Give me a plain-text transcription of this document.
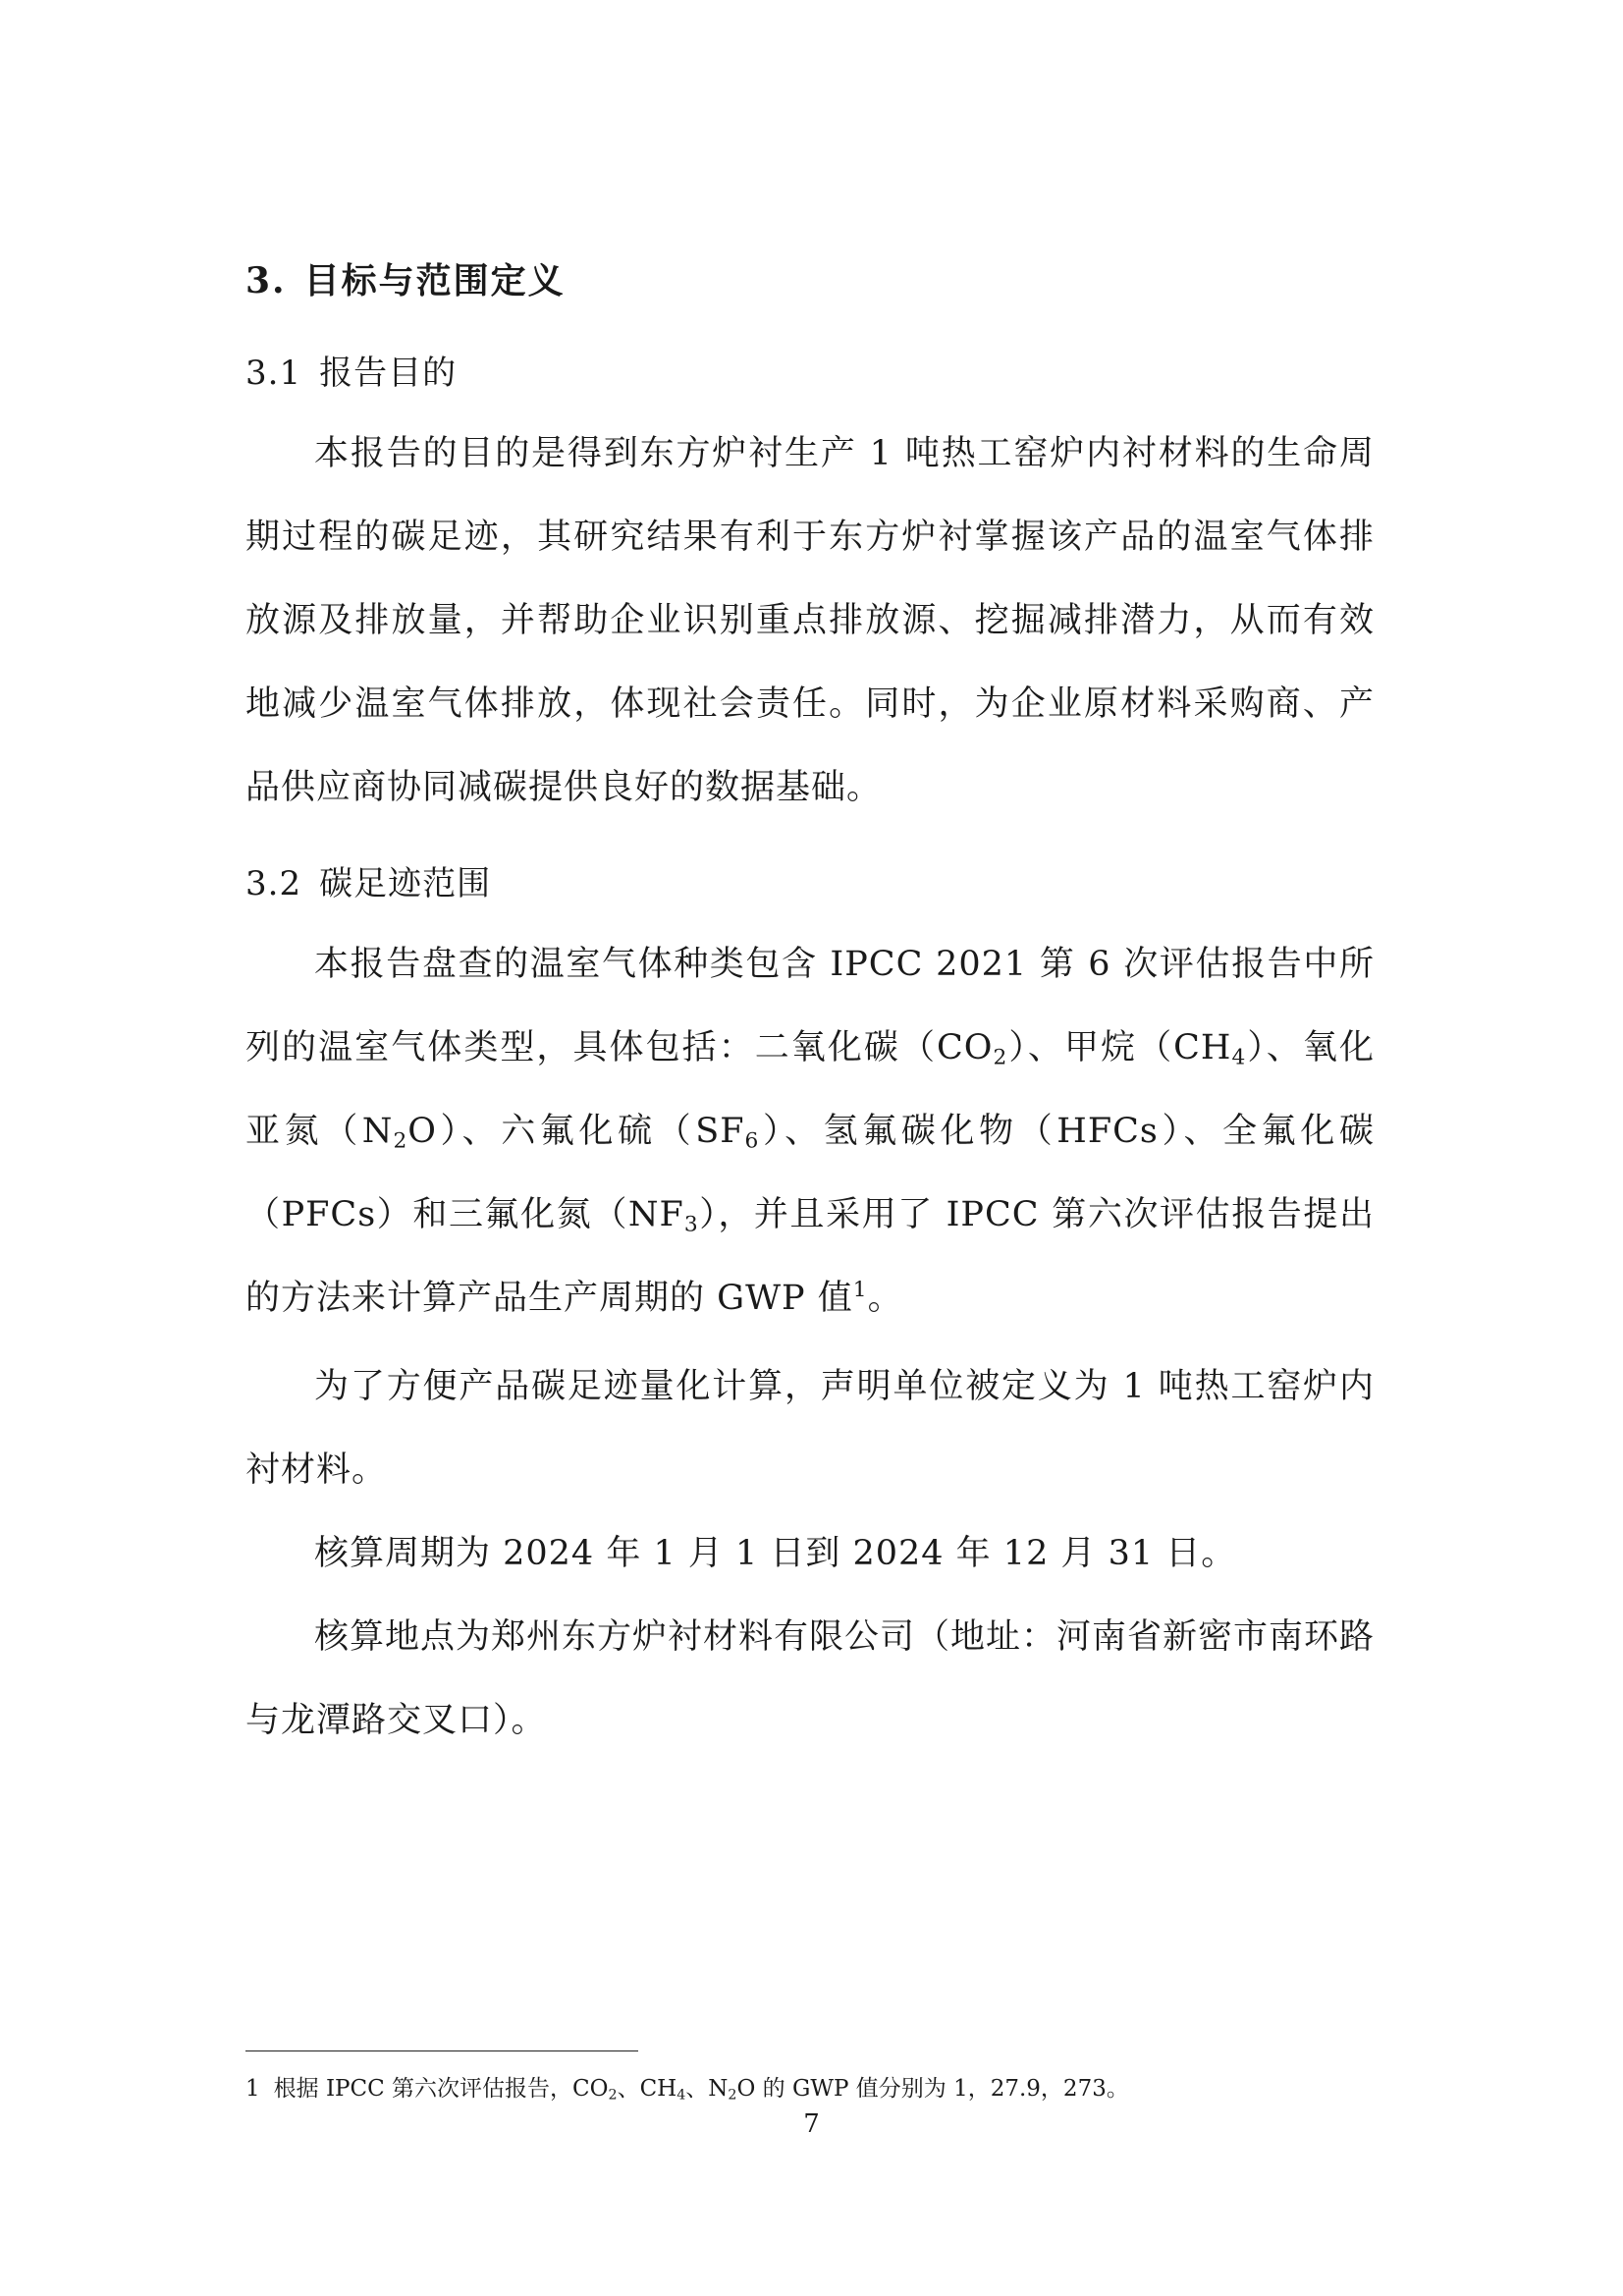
3. 目标与范围定义
3.1 报告目的

本报告的目的是得到东方炉衬生产 1 吨热工窑炉内衬材料的生命周期过程的碳足迹，其研究结果有利于东方炉衬掌握该产品的温室气体排放源及排放量，并帮助企业识别重点排放源、挖掘减排潜力，从而有效地减少温室气体排放，体现社会责任。同时，为企业原材料采购商、产品供应商协同减碳提供良好的数据基础。

3.2 碳足迹范围

本报告盘查的温室气体种类包含 IPCC 2021 第 6 次评估报告中所列的温室气体类型，具体包括：二氧化碳$(CO_2)$、甲烷$(CH_4)$、氧化亚氮$(N_2O)$、六氟化硫$(SF_6)$、氢氟碳化物（HFCs）、全氟化碳（PFCs）和三氟化氮$(NF_3)$，并且采用了 IPCC 第六次评估报告提出的方法来计算产品生产周期的 GWP 值$^1$。

为了方便产品碳足迹量化计算，声明单位被定义为 1 吨热工窑炉内衬材料。

核算周期为 2024 年 1 月 1 日到 2024 年 12 月 31 日。

核算地点为郑州东方炉衬材料有限公司（地址：河南省新密市南环路与龙潭路交叉口）。

1 根据 IPCC 第六次评估报告，$CO_2$、$CH_4$、$N_2O$ 的 GWP 值分别为 1，27.9，273。
7
